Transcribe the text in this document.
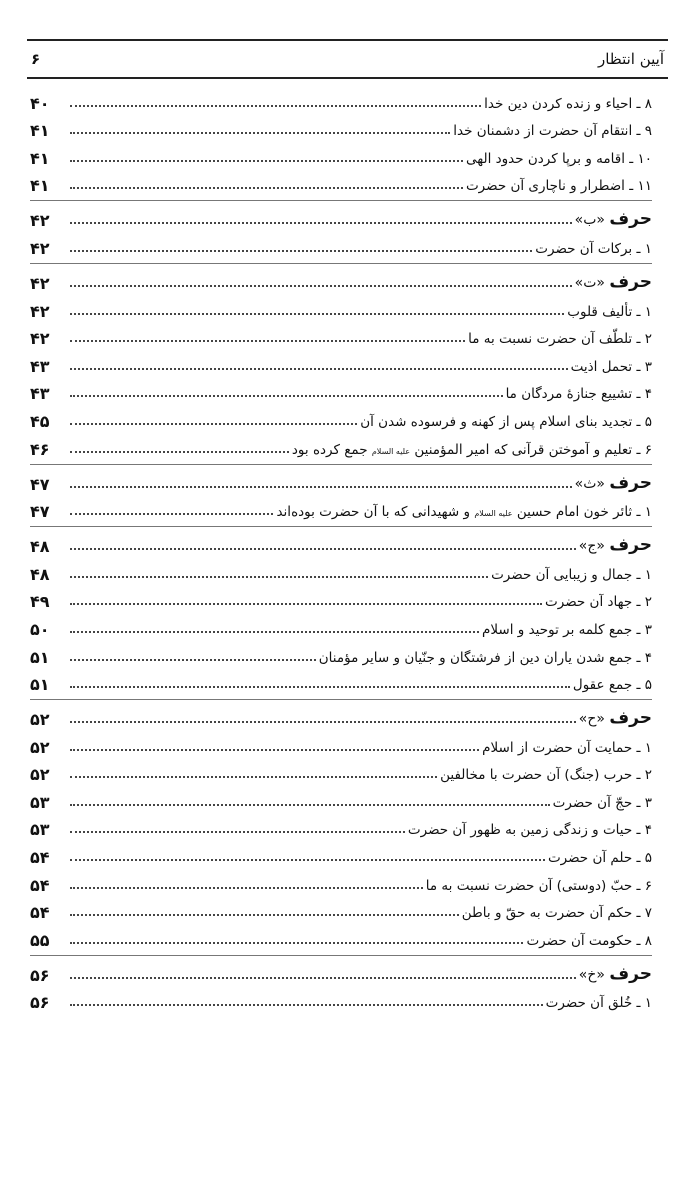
آیین انتظار
۶
۸ ـ احیاء و زنده کردن دین خدا
۴۰
۹ ـ انتقام آن حضرت از دشمنان خدا
۴۱
۱۰ ـ اقامه و برپا کردن حدود الهی
۴۱
۱۱ ـ اضطرار و ناچاری آن حضرت
۴۱
حرف «ب»
۴۲
۱ ـ برکات آن حضرت
۴۲
حرف «ت»
۴۲
۱ ـ تألیف قلوب
۴۲
۲ ـ تلطّف آن حضرت نسبت به ما
۴۲
۳ ـ تحمل اذیت
۴۳
۴ ـ تشییع جنازهٔ مردگان ما
۴۳
۵ ـ تجدید بنای اسلام پس از کهنه و فرسوده شدن آن
۴۵
۶ ـ تعلیم و آموختن قرآنی که امیر المؤمنین علیه السلام جمع کرده بود
۴۶
حرف «ث»
۴۷
۱ ـ ثائر خون امام حسین علیه السلام و شهیدانی که با آن حضرت بوده‌اند
۴۷
حرف «ج»
۴۸
۱ ـ جمال و زیبایی آن حضرت
۴۸
۲ ـ جهاد آن حضرت
۴۹
۳ ـ جمع کلمه بر توحید و اسلام
۵۰
۴ ـ جمع شدن یاران دین از فرشتگان و جنّیان و سایر مؤمنان
۵۱
۵ ـ جمع عقول
۵۱
حرف «ح»
۵۲
۱ ـ حمایت آن حضرت از اسلام
۵۲
۲ ـ حرب (جنگ) آن حضرت با مخالفین
۵۲
۳ ـ حجّ آن حضرت
۵۳
۴ ـ حیات و زندگی زمین به ظهور آن حضرت
۵۳
۵ ـ حلم آن حضرت
۵۴
۶ ـ حبّ (دوستی) آن حضرت نسبت به ما
۵۴
۷ ـ حکم آن حضرت به حقّ و باطن
۵۴
۸ ـ حکومت آن حضرت
۵۵
حرف «خ»
۵۶
۱ ـ خُلق آن حضرت
۵۶
